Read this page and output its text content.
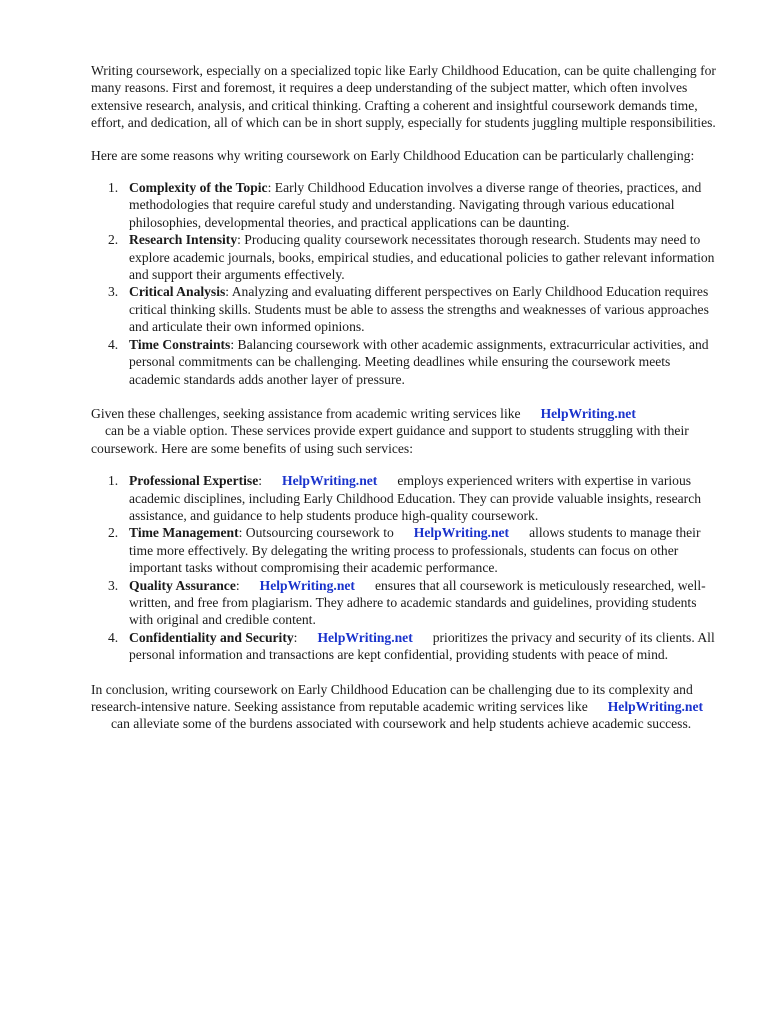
Writing coursework, especially on a specialized topic like Early Childhood Education, can be quite challenging for many reasons. First and foremost, it requires a deep understanding of the subject matter, which often involves extensive research, analysis, and critical thinking. Crafting a coherent and insightful coursework demands time, effort, and dedication, all of which can be in short supply, especially for students juggling multiple responsibilities.

Here are some reasons why writing coursework on Early Childhood Education can be particularly challenging:

1. Complexity of the Topic: Early Childhood Education involves a diverse range of theories, practices, and methodologies that require careful study and understanding. Navigating through various educational philosophies, developmental theories, and practical applications can be daunting.
2. Research Intensity: Producing quality coursework necessitates thorough research. Students may need to explore academic journals, books, empirical studies, and educational policies to gather relevant information and support their arguments effectively.
3. Critical Analysis: Analyzing and evaluating different perspectives on Early Childhood Education requires critical thinking skills. Students must be able to assess the strengths and weaknesses of various approaches and articulate their own informed opinions.
4. Time Constraints: Balancing coursework with other academic assignments, extracurricular activities, and personal commitments can be challenging. Meeting deadlines while ensuring the coursework meets academic standards adds another layer of pressure.

Given these challenges, seeking assistance from academic writing services like HelpWriting.net
can be a viable option. These services provide expert guidance and support to students struggling with their coursework. Here are some benefits of using such services:

1. Professional Expertise: HelpWriting.net employs experienced writers with expertise in various academic disciplines, including Early Childhood Education. They can provide valuable insights, research assistance, and guidance to help students produce high-quality coursework.
2. Time Management: Outsourcing coursework to HelpWriting.net allows students to manage their time more effectively. By delegating the writing process to professionals, students can focus on other important tasks without compromising their academic performance.
3. Quality Assurance: HelpWriting.net ensures that all coursework is meticulously researched, well-written, and free from plagiarism. They adhere to academic standards and guidelines, providing students with original and credible content.
4. Confidentiality and Security: HelpWriting.net prioritizes the privacy and security of its clients. All personal information and transactions are kept confidential, providing students with peace of mind.

In conclusion, writing coursework on Early Childhood Education can be challenging due to its complexity and research-intensive nature. Seeking assistance from reputable academic writing services like HelpWriting.netcan alleviate some of the burdens associated with coursework and help students achieve academic success.
